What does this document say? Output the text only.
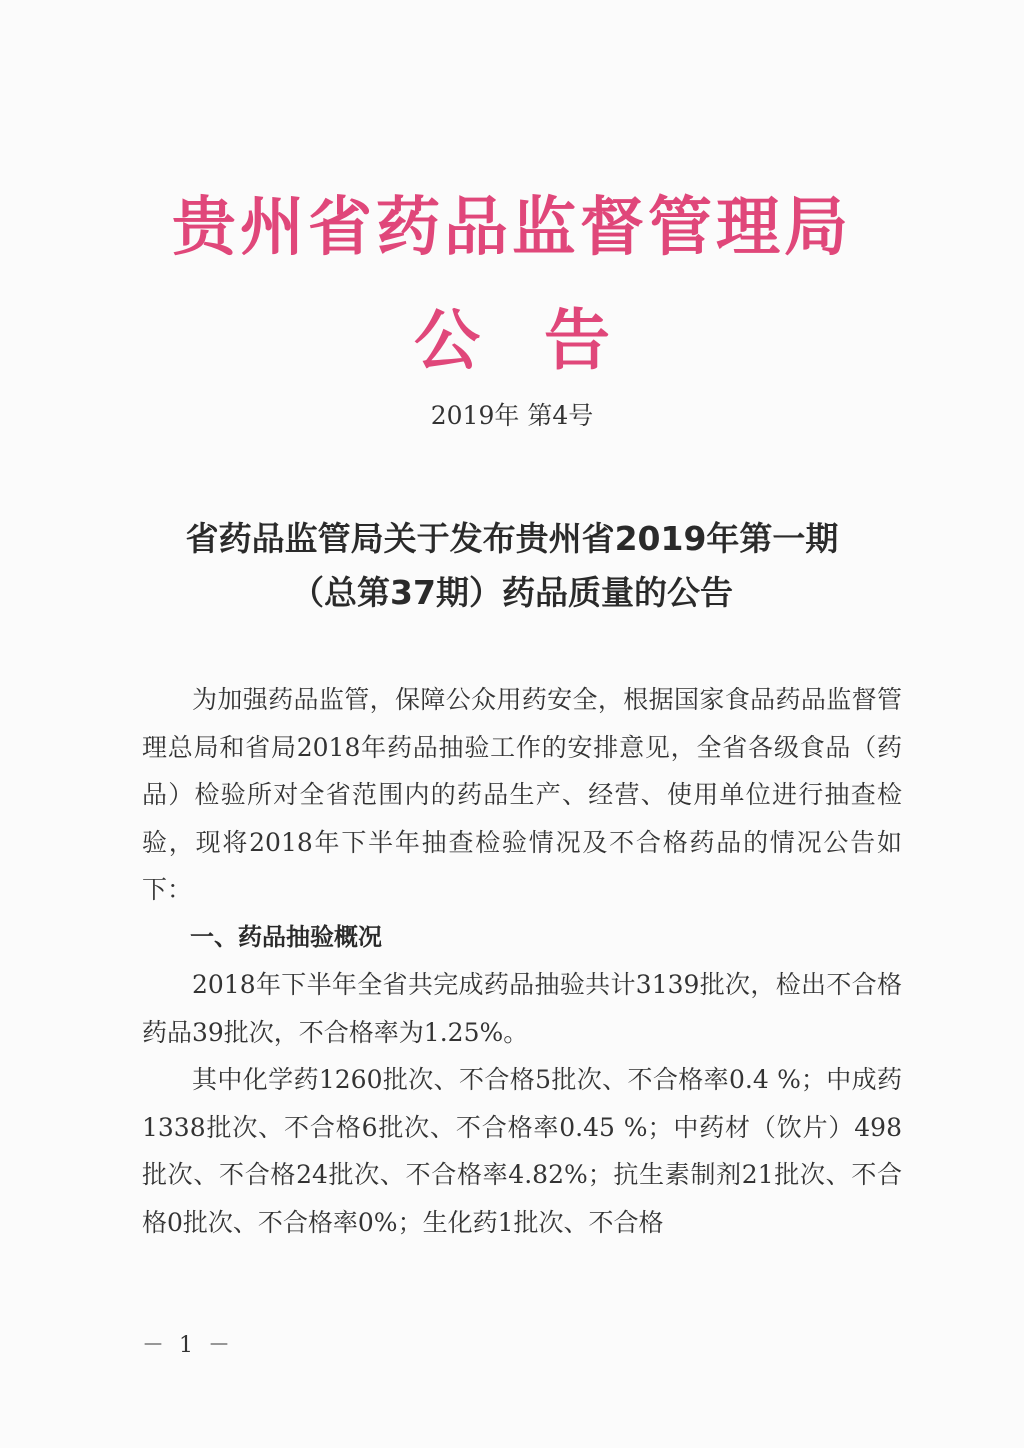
贵州省药品监督管理局
公告
2019年 第4号
省药品监管局关于发布贵州省2019年第一期
（总第37期）药品质量的公告

为加强药品监管，保障公众用药安全，根据国家食品药品监督管理总局和省局2018年药品抽验工作的安排意见，全省各级食品（药品）检验所对全省范围内的药品生产、经营、使用单位进行抽查检验，现将2018年下半年抽查检验情况及不合格药品的情况公告如下：

一、药品抽验概况

2018年下半年全省共完成药品抽验共计3139批次，检出不合格药品39批次，不合格率为1.25%。

其中化学药1260批次、不合格5批次、不合格率0.4 %；中成药1338批次、不合格6批次、不合格率0.45 %；中药材（饮片）498批次、不合格24批次、不合格率4.82%；抗生素制剂21批次、不合格0批次、不合格率0%；生化药1批次、不合格

－ 1 －
